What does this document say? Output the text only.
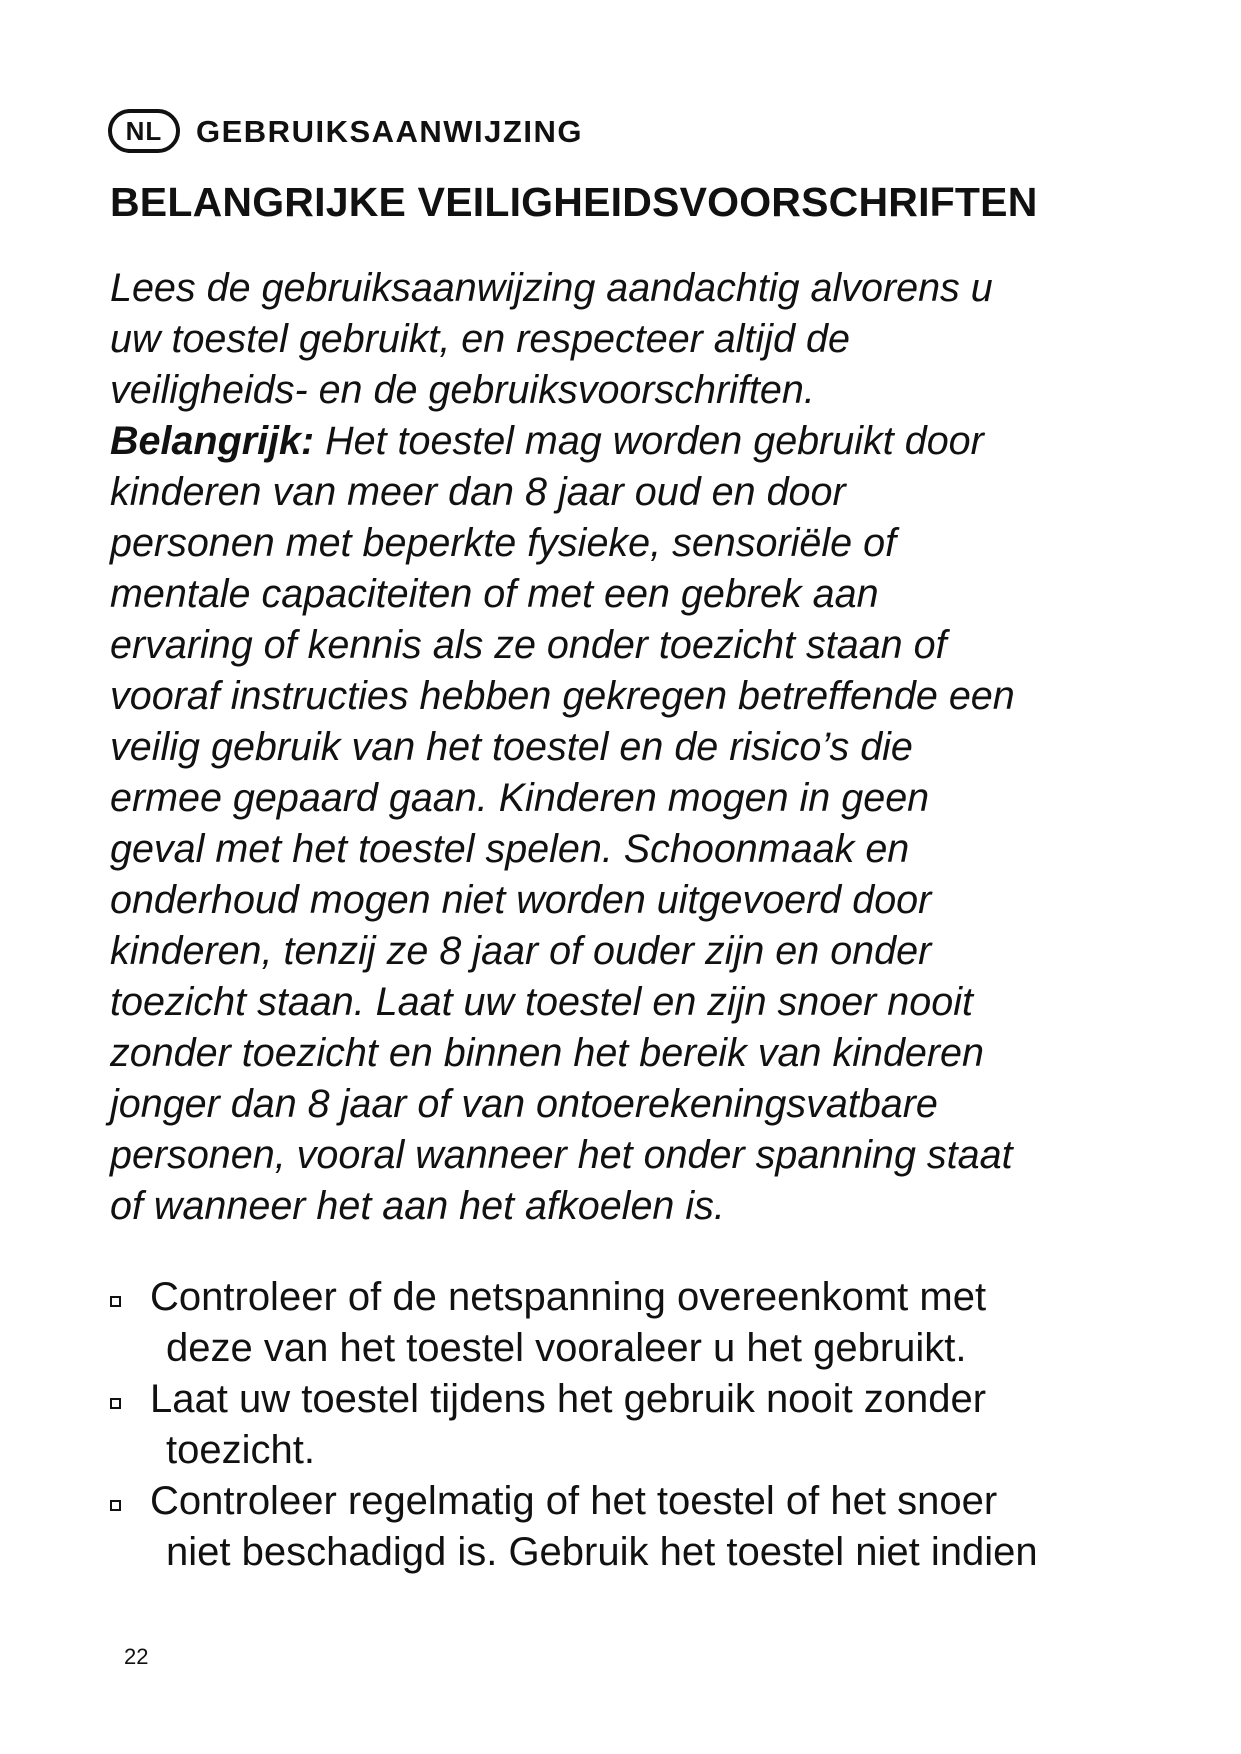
NL GEBRUIKSAANWIJZING
BELANGRIJKE VEILIGHEIDSVOORSCHRIFTEN

Lees de gebruiksaanwijzing aandachtig alvorens u
uw toestel gebruikt, en respecteer altijd de
veiligheids- en de gebruiksvoorschriften.
Belangrijk: Het toestel mag worden gebruikt door
kinderen van meer dan 8 jaar oud en door
personen met beperkte fysieke, sensoriële of
mentale capaciteiten of met een gebrek aan
ervaring of kennis als ze onder toezicht staan of
vooraf instructies hebben gekregen betreffende een
veilig gebruik van het toestel en de risico’s die
ermee gepaard gaan. Kinderen mogen in geen
geval met het toestel spelen. Schoonmaak en
onderhoud mogen niet worden uitgevoerd door
kinderen, tenzij ze 8 jaar of ouder zijn en onder
toezicht staan. Laat uw toestel en zijn snoer nooit
zonder toezicht en binnen het bereik van kinderen
jonger dan 8 jaar of van ontoerekeningsvatbare
personen, vooral wanneer het onder spanning staat
of wanneer het aan het afkoelen is.

Controleer of de netspanning overeenkomt met
deze van het toestel vooraleer u het gebruikt.
Laat uw toestel tijdens het gebruik nooit zonder
toezicht.
Controleer regelmatig of het toestel of het snoer
niet beschadigd is. Gebruik het toestel niet indien
22
